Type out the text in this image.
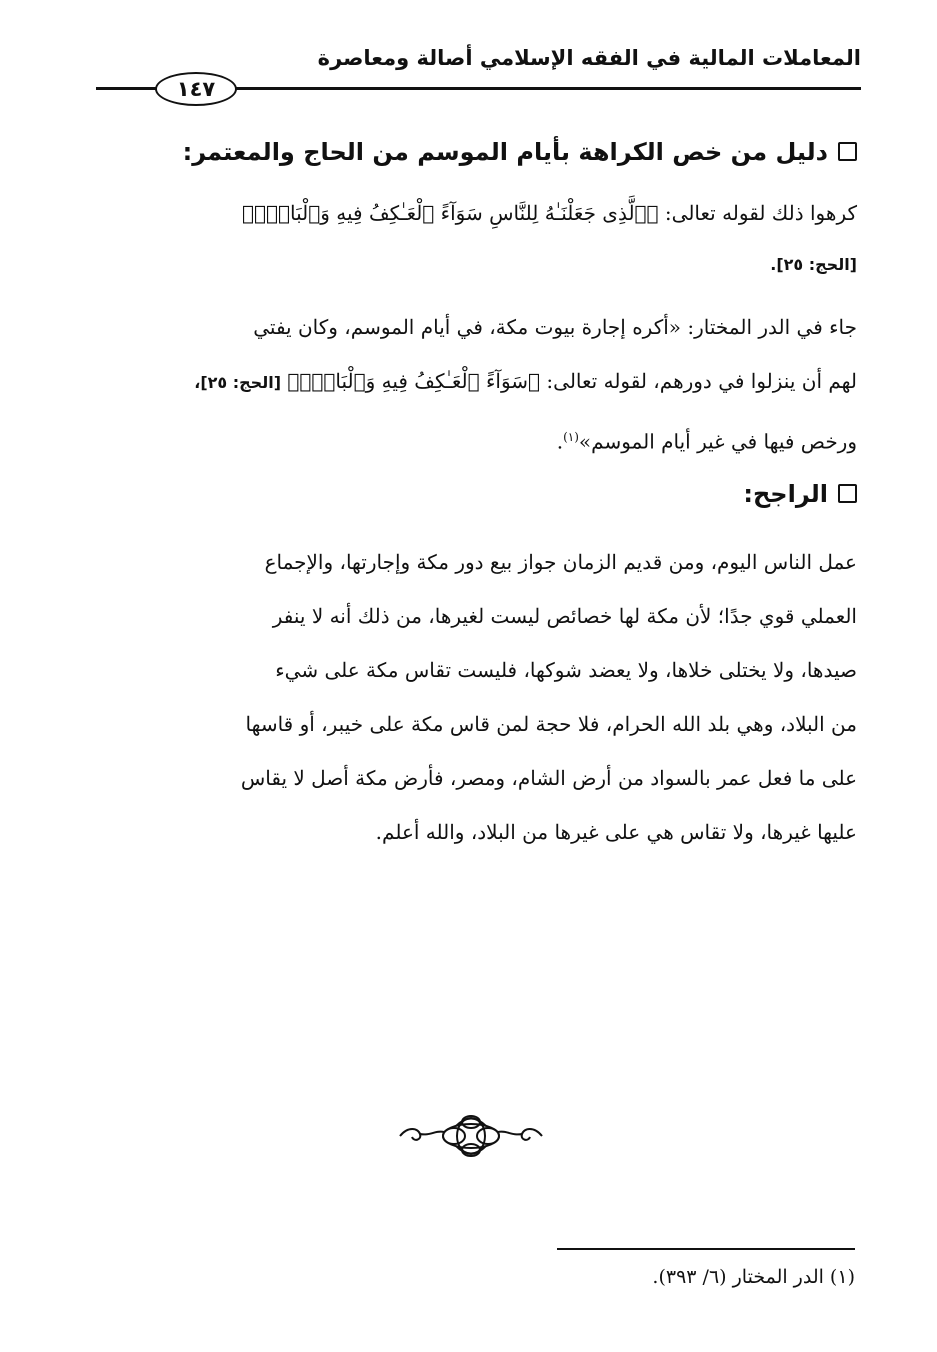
المعاملات المالية في الفقه الإسلامي أصالة ومعاصرة
١٤٧
دليل من خص الكراهة بأيام الموسم من الحاج والمعتمر:
كرهوا ذلك لقوله تعالى: ﴿ٱلَّذِى جَعَلْنَـٰهُ لِلنَّاسِ سَوَآءً ٱلْعَـٰكِفُ فِيهِ وَٱلْبَادِۚ﴾
[الحج: ٢٥].
جاء في الدر المختار: «أكره إجارة بيوت مكة، في أيام الموسم، وكان يفتي
لهم أن ينزلوا في دورهم، لقوله تعالى: ﴿سَوَآءً ٱلْعَـٰكِفُ فِيهِ وَٱلْبَادِۚ﴾ [الحج: ٢٥]،
ورخص فيها في غير أيام الموسم»$^{(١)}$.
الراجح:
عمل الناس اليوم، ومن قديم الزمان جواز بيع دور مكة وإجارتها، والإجماع
العملي قوي جدًا؛ لأن مكة لها خصائص ليست لغيرها، من ذلك أنه لا ينفر
صيدها، ولا يختلى خلاها، ولا يعضد شوكها، فليست تقاس مكة على شيء
من البلاد، وهي بلد الله الحرام، فلا حجة لمن قاس مكة على خيبر، أو قاسها
على ما فعل عمر بالسواد من أرض الشام، ومصر، فأرض مكة أصل لا يقاس
عليها غيرها، ولا تقاس هي على غيرها من البلاد، والله أعلم.
(١) الدر المختار (٦/ ٣٩٣).
